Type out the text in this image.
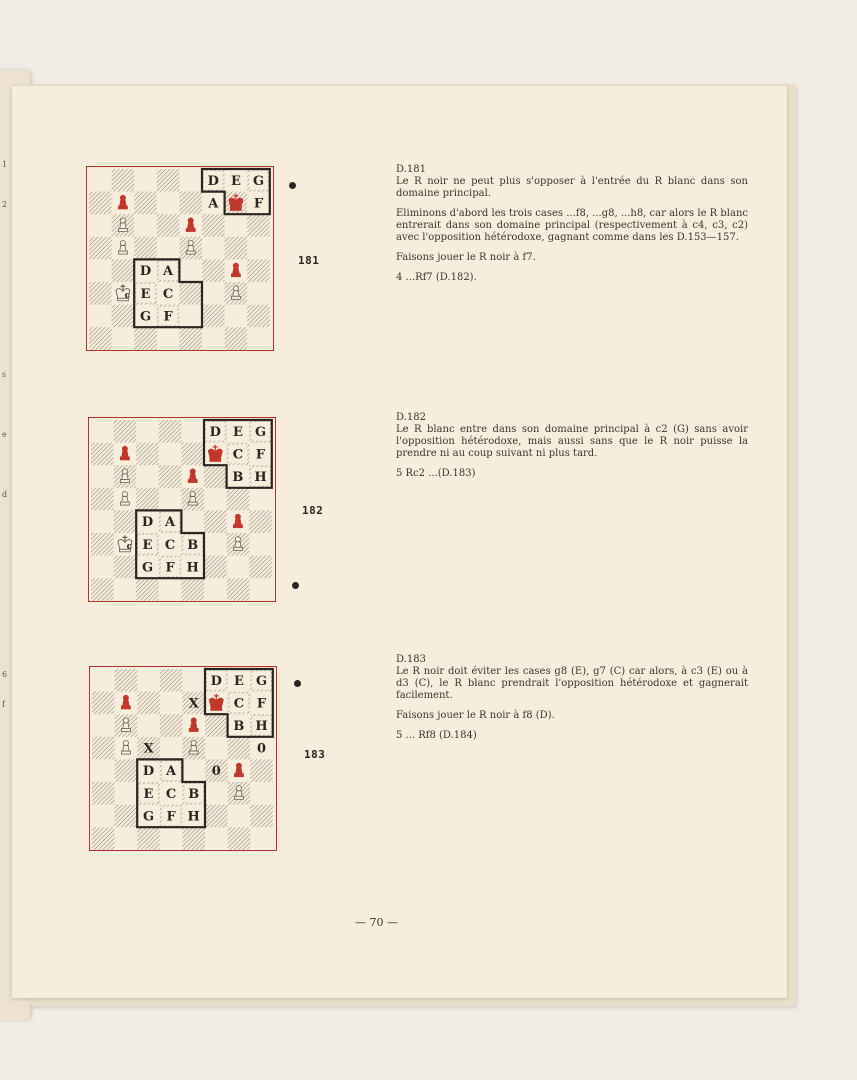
1
2
s
e
d
6
f
D E G
A	F
D A
E C
G F
c
181

D.181

Le R noir ne peut plus s'opposer à l'entrée du R blanc dans son domaine principal.

Eliminons d'abord les trois cases ...f8, ...g8, ...h8, car alors le R blanc entrerait dans son domaine principal (respectivement à c4, c3, c2) avec l'opposition hétérodoxe, gagnant comme dans les D.153—157.

Faisons jouer le R noir à f7.

4 ...Rf7 (D.182).

D E G
C F
B H
D A
E C B
G F H
c
182

D.182

Le R blanc entre dans son domaine principal à c2 (G) sans avoir l'opposition hétérodoxe, mais aussi sans que le R noir puisse la prendre ni au coup suivant ni plus tard.

5 Rc2 ...(D.183)

D E G
X	C F
B H
D A
E C B
G F H
X	0
0
183

D.183

Le R noir doit éviter les cases g8 (E), g7 (C) car alors, à c3 (E) ou à d3 (C), le R blanc prendrait l'opposition hétérodoxe et gagnerait facilement.

Faisons jouer le R noir à f8 (D).

5 ... Rf8 (D.184)

— 70 —
